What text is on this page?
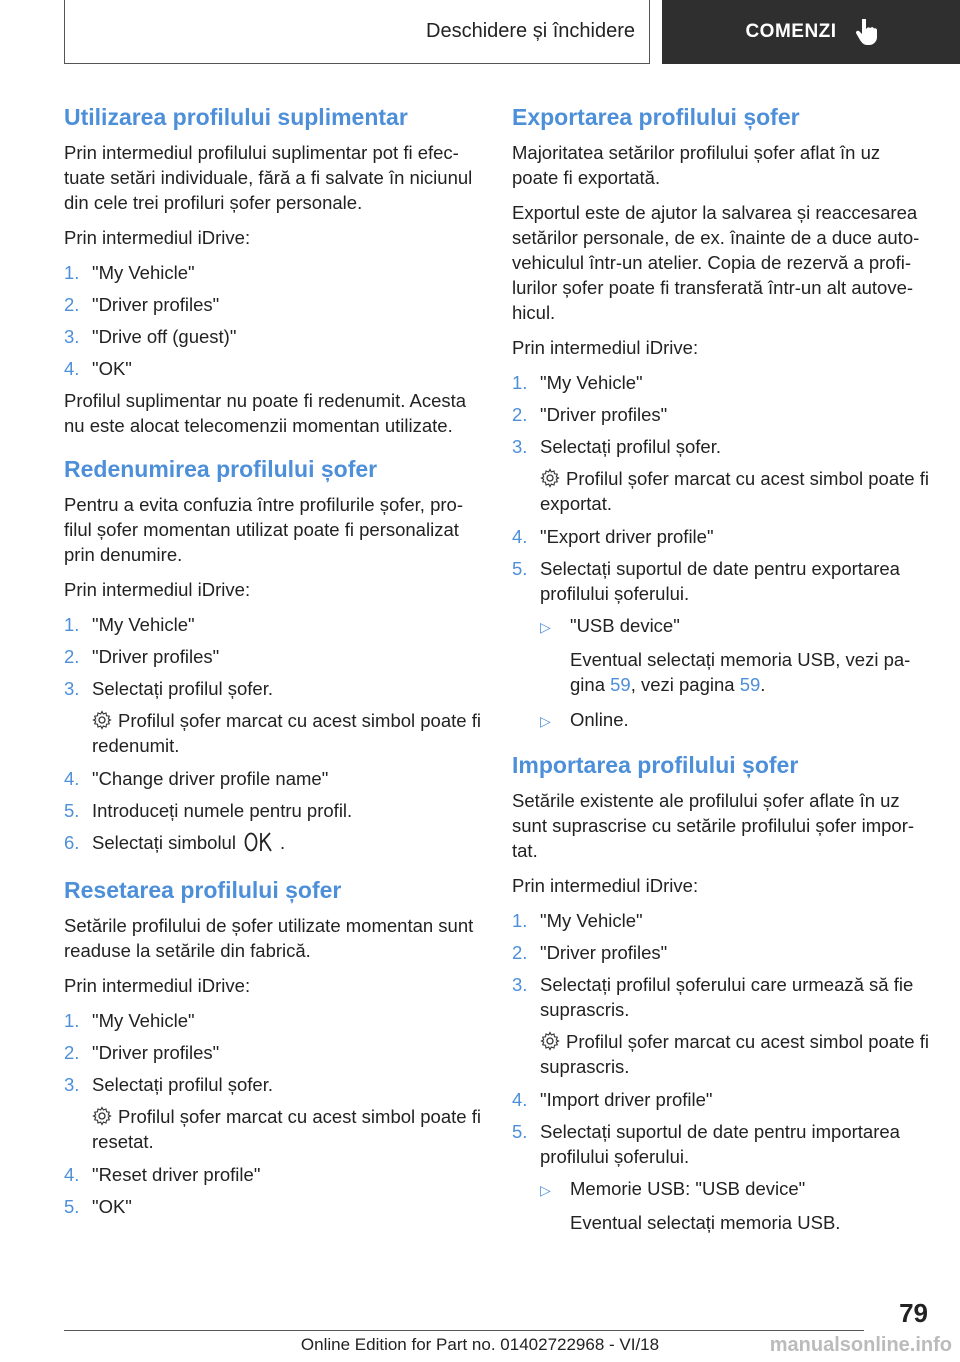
Deschidere și închidere	COMENZI
Utilizarea profilului suplimentar

Prin intermediul profilului suplimentar pot fi efec-tuate setări individuale, fără a fi salvate în niciunul din cele trei profiluri șofer personale.

Prin intermediul iDrive:

1. "My Vehicle"
2. "Driver profiles"
3. "Drive off (guest)"
4. "OK"

Profilul suplimentar nu poate fi redenumit. Acesta nu este alocat telecomenzii momentan utilizate.

Redenumirea profilului șofer

Pentru a evita confuzia între profilurile șofer, pro-filul șofer momentan utilizat poate fi personalizat prin denumire.

Prin intermediul iDrive:

1. "My Vehicle"
2. "Driver profiles"
3. Selectați profilul șofer.
Profilul șofer marcat cu acest simbol poate fi redenumit.
4. "Change driver profile name"
5. Introduceți numele pentru profil.
6. Selectați simbolul .
Resetarea profilului șofer

Setările profilului de șofer utilizate momentan sunt readuse la setările din fabrică.

Prin intermediul iDrive:

1. "My Vehicle"
2. "Driver profiles"
3. Selectați profilul șofer.
Profilul șofer marcat cu acest simbol poate fi resetat.
4. "Reset driver profile"
5. "OK"
Exportarea profilului șofer

Majoritatea setărilor profilului șofer aflat în uz poate fi exportată.

Exportul este de ajutor la salvarea și reaccesarea setărilor personale, de ex. înainte de a duce auto-vehiculul într-un atelier. Copia de rezervă a profi-lurilor șofer poate fi transferată într-un alt autove-hicul.

Prin intermediul iDrive:

1. "My Vehicle"
2. "Driver profiles"
3. Selectați profilul șofer.
Profilul șofer marcat cu acest simbol poate fi exportat.
4. "Export driver profile"
5. Selectați suportul de date pentru exportarea profilului șoferului.
▷	"USB device"
Eventual selectați memoria USB, vezi pa-gina 59, vezi pagina 59.
▷	Online.
Importarea profilului șofer

Setările existente ale profilului șofer aflate în uz sunt suprascrise cu setările profilului șofer impor-tat.

Prin intermediul iDrive:

1. "My Vehicle"
2. "Driver profiles"
3. Selectați profilul șoferului care urmează să fie suprascris.
Profilul șofer marcat cu acest simbol poate fi suprascris.
4. "Import driver profile"
5. Selectați suportul de date pentru importarea profilului șoferului.
▷	Memorie USB: "USB device"
Eventual selectați memoria USB.
79
Online Edition for Part no. 01402722968 - VI/18	manualsonline.info
